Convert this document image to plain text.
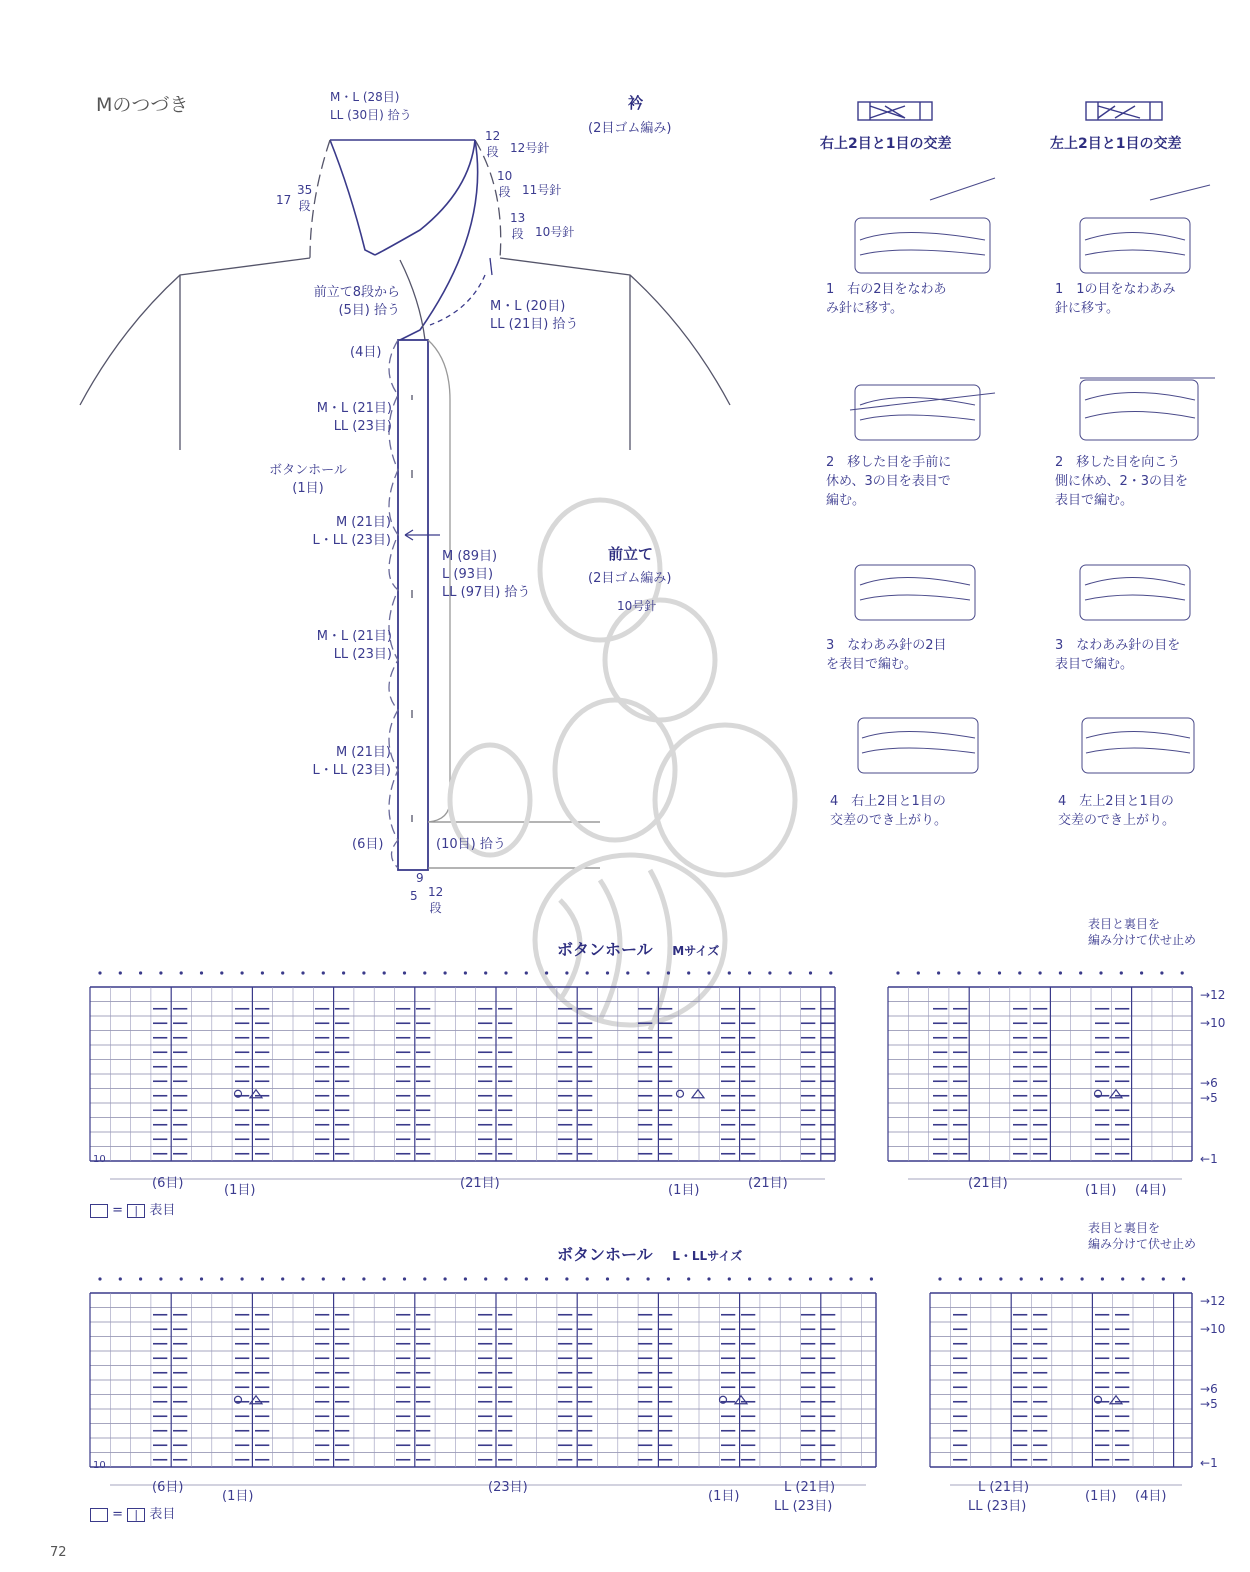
Mのつづき	M・L (28目)
LL (30目) 拾う
衿
(2目ゴム編み)
12
段 12号針
10
段 11号針
13
段 10号針
17
35
段
前立て8段から
(5目) 拾う	M・L (20目)
LL (21目) 拾う
(4目)
M・L (21目)
LL (23目)
ボタンホール
(1目)
M (21目)
L・LL (23目)
M・L (21目)
LL (23目)
M (21目)
L・LL (23目)
(6目)	(10目) 拾う
M (89目)
L (93目)
LL (97目) 拾う
前立て
(2目ゴム編み)
10号針
9
5 12
段
右上2目と1目の交差	左上2目と1目の交差
1　右の2目をなわあ
み針に移す。
2　移した目を手前に
休め、3の目を表目で
編む。
3　なわあみ針の2目
を表目で編む。
4　右上2目と1目の
交差のでき上がり。
1　1の目をなわあみ
針に移す。
2　移した目を向こう
側に休め、2・3の目を
表目で編む。
3　なわあみ針の目を
表目で編む。
4　左上2目と1目の
交差のでき上がり。
ボタンホール Mサイズ
表目と裏目を
編み分けて伏せ止め
→12
→10
→6
→5
←1
10
(6目)	(1目)	(21目)	(1目)	(21目)	(21目)	(1目) (4目)
= | 表目
ボタンホール L・LLサイズ
表目と裏目を
編み分けて伏せ止め
→12
→10
→6
→5
←1
10
(6目)
(1目)
(23目)
(1目)
L (21目)
LL (23目)
L (21目)
LL (23目)
(1目) (4目)
= | 表目
72
